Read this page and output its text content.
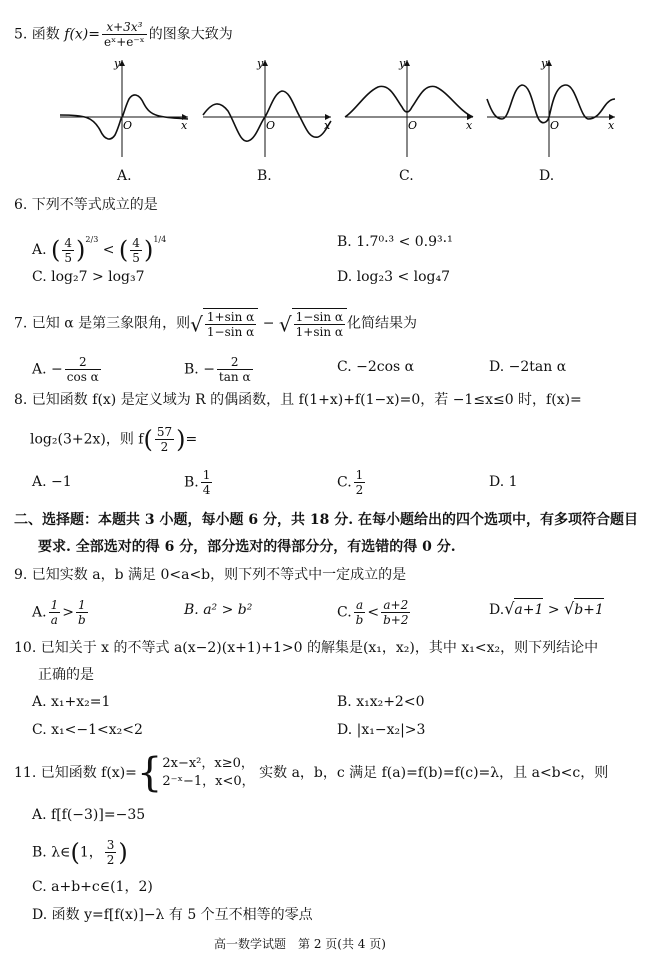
5. 函数 $f(x)= \frac{\text{x+3x³}}{\text{eˣ+e⁻ˣ}}$ 的图象大致为
y
O	x
y
O	x
y
O	x
y
O	x
A.	B.	C.	D.
6. 下列不等式成立的是
A. ( $\frac{4}{5} )^{2/3}$ < ( $\frac{4}{5} )^{1/4}$	B. 1.7⁰·³ < 0.9³·¹
C. log₂7 > log₃7	D. log₂3 < log₄7
7. 已知 α 是第三象限角，则√ $\frac{\text{1+sin α}}{\text{1−sin α}}$ − √ $\frac{\text{1−sin α}}{\text{1+sin α}}$ 化简结果为
A. − $\frac{2}{\text{cos α}}$	B. − $\frac{2}{\text{tan α}}$	C. −2cos α	D. −2tan α
8. 已知函数 f(x) 是定义域为 R 的偶函数，且 f(1+x)+f(1−x)=0，若 −1≤x≤0 时，f(x)=
log₂(3+2x)，则 $f( \frac{57}{2}$ )=
A. −1	B. $\frac{1}{4}$	C. $\frac{1}{2}$	D. 1
二、选择题：本题共 3 小题，每小题 6 分，共 18 分. 在每小题给出的四个选项中，有多项符合题目
要求. 全部选对的得 6 分，部分选对的得部分分，有选错的得 0 分.
9. 已知实数 a，b 满足 0<a<b，则下列不等式中一定成立的是
A. $\frac{1}{a} > \frac{1}{b}$	B. a² > b²	C. $\frac{a}{b} < \frac{a+2}{b+2}$	D.√a+1 > √b+1
10. 已知关于 x 的不等式 a(x−2)(x+1)+1>0 的解集是(x₁，x₂)，其中 x₁<x₂，则下列结论中
正确的是
A. x₁+x₂=1	B. x₁x₂+2<0
C. x₁<−1<x₂<2	D. |x₁−x₂|>3
11. 已知函数 f(x)={ 2x−x²，x≥0，
2⁻ˣ−1，x<0，
实数 a，b，c 满足 f(a)=f(b)=f(c)=λ，且 a<b<c，则
A. f[f(−3)]=−35
B. λ∈(1， $\frac{3}{2}$ )
C. a+b+c∈(1，2)
D. 函数 y=f[f(x)]−λ 有 5 个互不相等的零点
高一数学试题　第 2 页(共 4 页)
